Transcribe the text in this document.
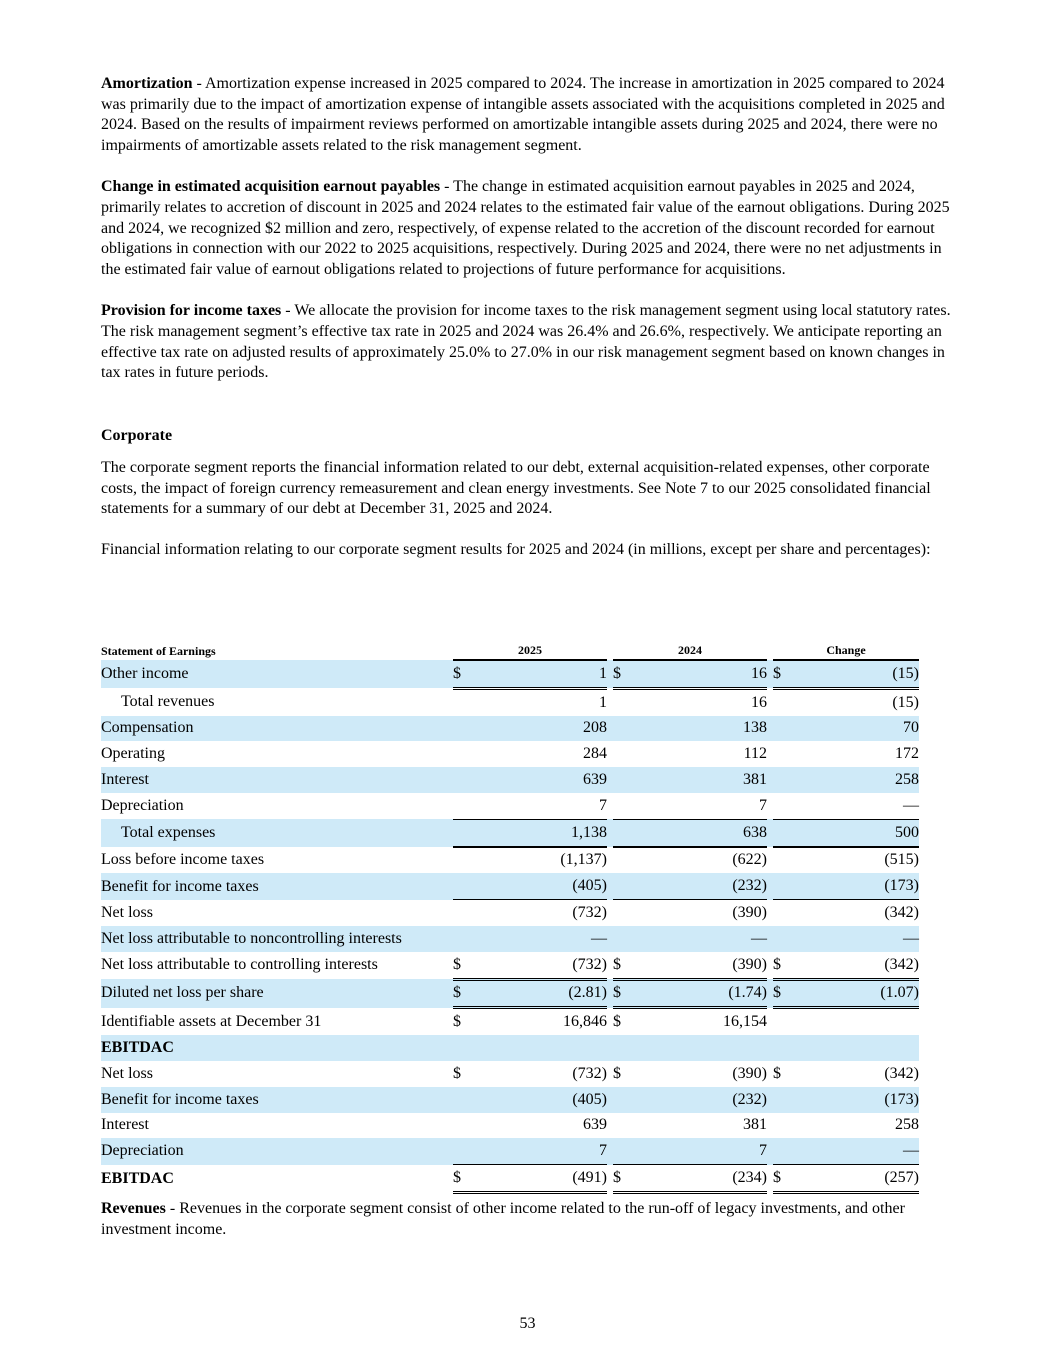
Amortization - Amortization expense increased in 2025 compared to 2024. The increase in amortization in 2025 compared to 2024 was primarily due to the impact of amortization expense of intangible assets associated with the acquisitions completed in 2025 and 2024. Based on the results of impairment reviews performed on amortizable intangible assets during 2025 and 2024, there were no impairments of amortizable assets related to the risk management segment.

Change in estimated acquisition earnout payables - The change in estimated acquisition earnout payables in 2025 and 2024, primarily relates to accretion of discount in 2025 and 2024 relates to the estimated fair value of the earnout obligations. During 2025 and 2024, we recognized $2 million and zero, respectively, of expense related to the accretion of the discount recorded for earnout obligations in connection with our 2022 to 2025 acquisitions, respectively. During 2025 and 2024, there were no net adjustments in the estimated fair value of earnout obligations related to projections of future performance for acquisitions.

Provision for income taxes - We allocate the provision for income taxes to the risk management segment using local statutory rates. The risk management segment’s effective tax rate in 2025 and 2024 was 26.4% and 26.6%, respectively. We anticipate reporting an effective tax rate on adjusted results of approximately 25.0% to 27.0% in our risk management segment based on known changes in tax rates in future periods.

Corporate

The corporate segment reports the financial information related to our debt, external acquisition-related expenses, other corporate costs, the impact of foreign currency remeasurement and clean energy investments. See Note 7 to our 2025 consolidated financial statements for a summary of our debt at December 31, 2025 and 2024.

Financial information relating to our corporate segment results for 2025 and 2024 (in millions, except per share and percentages):

Statement of Earnings		2025			2024			Change	
Other income		$	1		$	16		$	(15)
Total revenues			1			16			(15)
Compensation			208			138			70
Operating			284			112			172
Interest			639			381			258
Depreciation			7			7			—
Total expenses			1,138			638			500
Loss before income taxes			(1,137)			(622)			(515)
Benefit for income taxes			(405)			(232)			(173)
Net loss			(732)			(390)			(342)
Net loss attributable to noncontrolling interests			—			—			—
Net loss attributable to controlling interests		$	(732)		$	(390)		$	(342)
Diluted net loss per share		$	(2.81)		$	(1.74)		$	(1.07)
Identifiable assets at December 31		$	16,846		$	16,154			
EBITDAC									
Net loss		$	(732)		$	(390)		$	(342)
Benefit for income taxes			(405)			(232)			(173)
Interest			639			381			258
Depreciation			7			7			—
EBITDAC		$	(491)		$	(234)		$	(257)

Revenues - Revenues in the corporate segment consist of other income related to the run-off of legacy investments, and other investment income.

53
